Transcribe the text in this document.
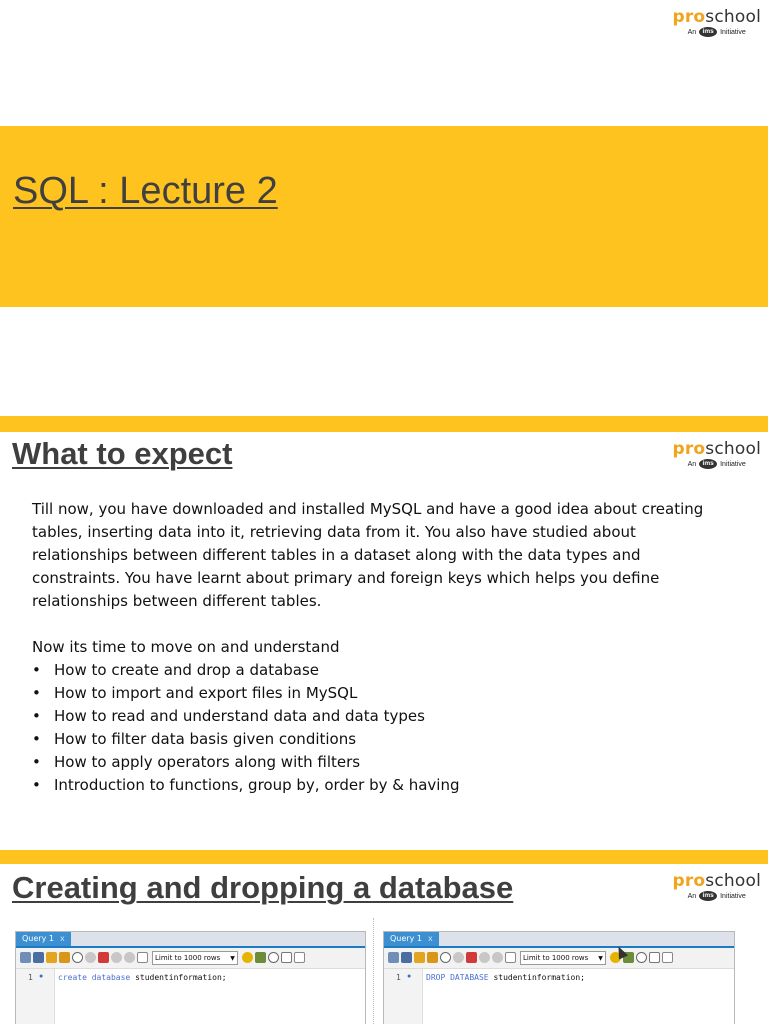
proschool
An ims Initiative
SQL : Lecture 2
What to expect	proschool
An ims Initiative

Till now, you have downloaded and installed MySQL and have a good idea about creating tables, inserting data into it, retrieving data from it. You also have studied about relationships between different tables in a dataset along with the data types and constraints. You have learnt about primary and foreign keys which helps you define relationships between different tables.

Now its time to move on and understand

• How to create and drop a database
• How to import and export files in MySQL
• How to read and understand data and data types
• How to filter data basis given conditions
• How to apply operators along with filters
• Introduction to functions, group by, order by & having
Creating and dropping a database	proschool
An ims Initiative
Query 1 x
Limit to 1000 rows ▼
1 ● create database studentinformation;
Query 1 x
Limit to 1000 rows ▼
1 ● DROP DATABASE studentinformation;
